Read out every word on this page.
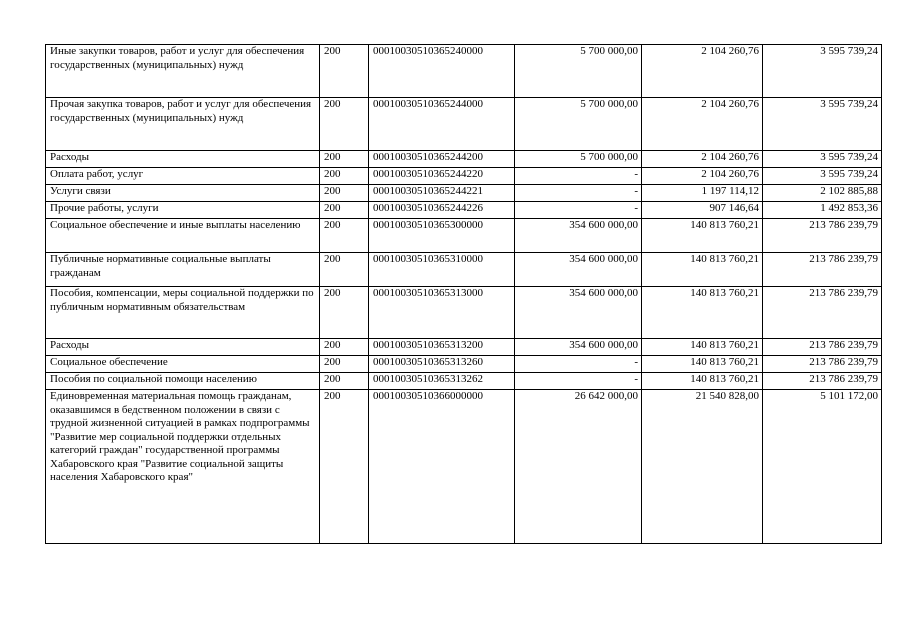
Иные закупки товаров, работ и услуг для обеспечения государственных (муниципальных) нужд	200	00010030510365240000	5 700 000,00	2 104 260,76	3 595 739,24
Прочая закупка товаров, работ и услуг для обеспечения государственных (муниципальных) нужд	200	00010030510365244000	5 700 000,00	2 104 260,76	3 595 739,24
Расходы	200	00010030510365244200	5 700 000,00	2 104 260,76	3 595 739,24
Оплата работ, услуг	200	00010030510365244220	-	2 104 260,76	3 595 739,24
Услуги связи	200	00010030510365244221	-	1 197 114,12	2 102 885,88
Прочие работы, услуги	200	00010030510365244226	-	907 146,64	1 492 853,36
Социальное обеспечение и иные выплаты населению	200	00010030510365300000	354 600 000,00	140 813 760,21	213 786 239,79
Публичные нормативные социальные выплаты гражданам	200	00010030510365310000	354 600 000,00	140 813 760,21	213 786 239,79
Пособия, компенсации, меры социальной поддержки по публичным нормативным обязательствам	200	00010030510365313000	354 600 000,00	140 813 760,21	213 786 239,79
Расходы	200	00010030510365313200	354 600 000,00	140 813 760,21	213 786 239,79
Социальное обеспечение	200	00010030510365313260	-	140 813 760,21	213 786 239,79
Пособия по социальной помощи населению	200	00010030510365313262	-	140 813 760,21	213 786 239,79
Единовременная материальная помощь гражданам, оказавшимся в бедственном положении в связи с трудной жизненной ситуацией в рамках подпрограммы "Развитие мер социальной поддержки отдельных категорий граждан" государственной программы Хабаровского края "Развитие социальной защиты населения Хабаровского края"	200	00010030510366000000	26 642 000,00	21 540 828,00	5 101 172,00
